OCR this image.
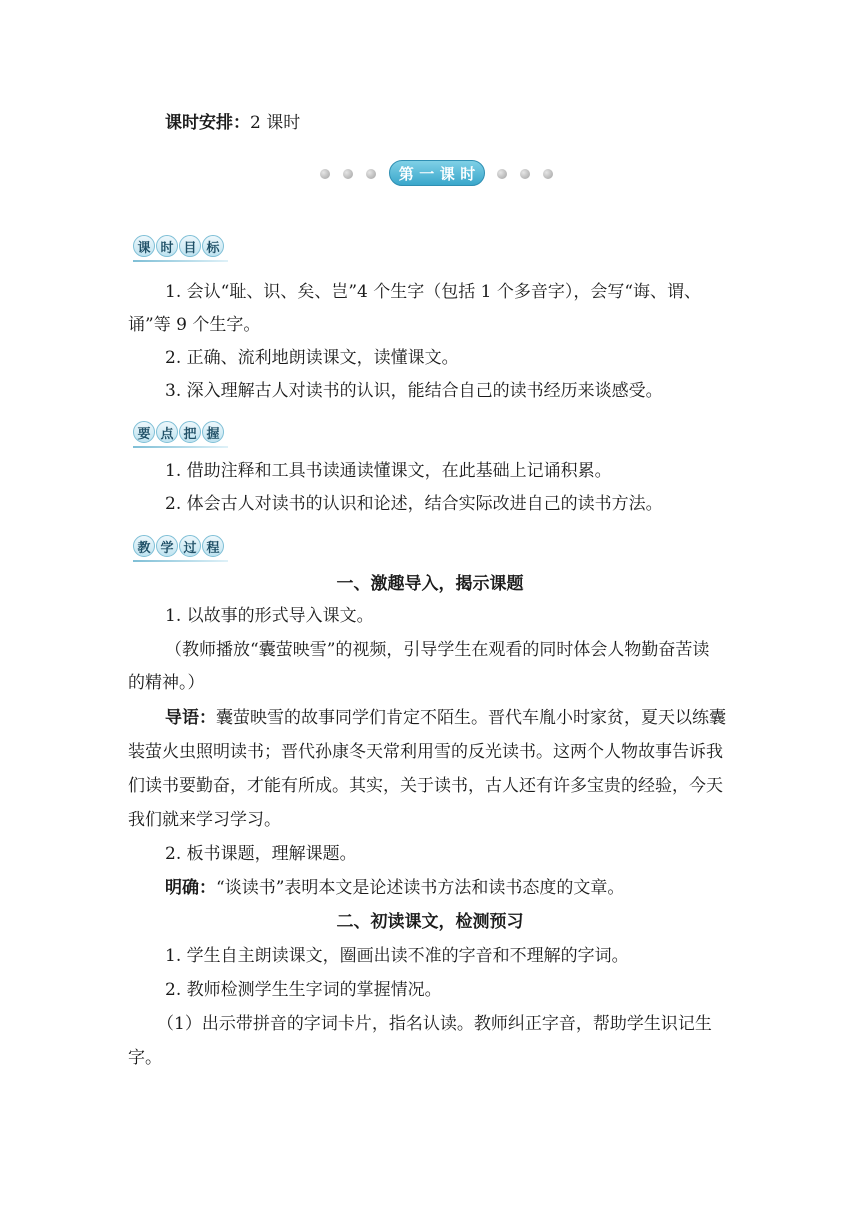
课时安排：2 课时
第 一 课 时
课 时 目 标
1. 会认“耻、识、矣、岂”4 个生字（包括 1 个多音字），会写“诲、谓、
诵”等 9 个生字。
2. 正确、流利地朗读课文，读懂课文。
3. 深入理解古人对读书的认识，能结合自己的读书经历来谈感受。
要 点 把 握
1. 借助注释和工具书读通读懂课文，在此基础上记诵积累。
2. 体会古人对读书的认识和论述，结合实际改进自己的读书方法。
教 学 过 程
一、激趣导入，揭示课题
1. 以故事的形式导入课文。
（教师播放“囊萤映雪”的视频，引导学生在观看的同时体会人物勤奋苦读
的精神。）
导语：囊萤映雪的故事同学们肯定不陌生。晋代车胤小时家贫，夏天以练囊
装萤火虫照明读书；晋代孙康冬天常利用雪的反光读书。这两个人物故事告诉我
们读书要勤奋，才能有所成。其实，关于读书，古人还有许多宝贵的经验，今天
我们就来学习学习。
2. 板书课题，理解课题。
明确：“谈读书”表明本文是论述读书方法和读书态度的文章。
二、初读课文，检测预习
1. 学生自主朗读课文，圈画出读不准的字音和不理解的字词。
2. 教师检测学生生字词的掌握情况。
（1）出示带拼音的字词卡片，指名认读。教师纠正字音，帮助学生识记生
字。
